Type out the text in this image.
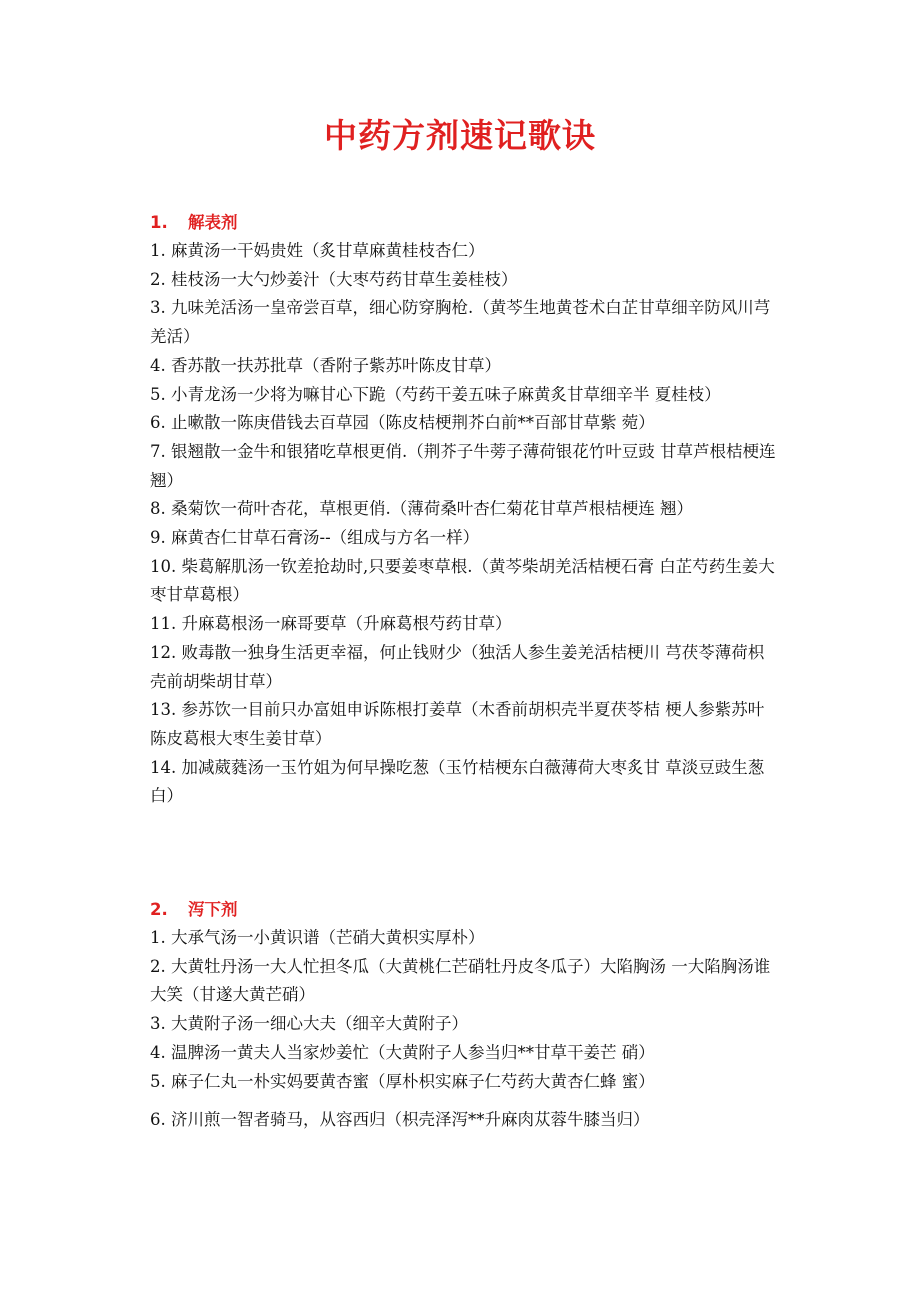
中药方剂速记歌诀
1. 解表剂

1. 麻黄汤一干妈贵姓（炙甘草麻黄桂枝杏仁）

2. 桂枝汤一大勺炒姜汁（大枣芍药甘草生姜桂枝）

3. 九味羌活汤一皇帝尝百草，细心防穿胸枪.（黄芩生地黄苍术白芷甘草细辛防风川芎羌活）

4. 香苏散一扶苏批草（香附子紫苏叶陈皮甘草）

5. 小青龙汤一少将为嘛甘心下跪（芍药干姜五味子麻黄炙甘草细辛半 夏桂枝）

6. 止嗽散一陈庚借钱去百草园（陈皮桔梗荆芥白前**百部甘草紫 菀）

7. 银翘散一金牛和银猪吃草根更俏.（荆芥子牛蒡子薄荷银花竹叶豆豉 甘草芦根桔梗连翘）

8. 桑菊饮一荷叶杏花，草根更俏.（薄荷桑叶杏仁菊花甘草芦根桔梗连 翘）

9. 麻黄杏仁甘草石膏汤--（组成与方名一样）

10. 柴葛解肌汤一钦差抢劫时,只要姜枣草根.（黄芩柴胡羌活桔梗石膏 白芷芍药生姜大枣甘草葛根）

11. 升麻葛根汤一麻哥要草（升麻葛根芍药甘草）

12. 败毒散一独身生活更幸福，何止钱财少（独活人参生姜羌活桔梗川 芎茯苓薄荷枳壳前胡柴胡甘草）

13. 参苏饮一目前只办富姐申诉陈根打姜草（木香前胡枳壳半夏茯苓桔 梗人参紫苏叶陈皮葛根大枣生姜甘草）

14. 加减葳蕤汤一玉竹姐为何早操吃葱（玉竹桔梗东白薇薄荷大枣炙甘 草淡豆豉生葱白）

2. 泻下剂

1. 大承气汤一小黄识谱（芒硝大黄枳实厚朴）

2. 大黄牡丹汤一大人忙担冬瓜（大黄桃仁芒硝牡丹皮冬瓜子）大陷胸汤 一大陷胸汤谁大笑（甘遂大黄芒硝）

3. 大黄附子汤一细心大夫（细辛大黄附子）

4. 温脾汤一黄夫人当家炒姜忙（大黄附子人参当归**甘草干姜芒 硝）

5. 麻子仁丸一朴实妈要黄杏蜜（厚朴枳实麻子仁芍药大黄杏仁蜂 蜜）

6. 济川煎一智者骑马，从容西归（枳壳泽泻**升麻肉苁蓉牛膝当归）
